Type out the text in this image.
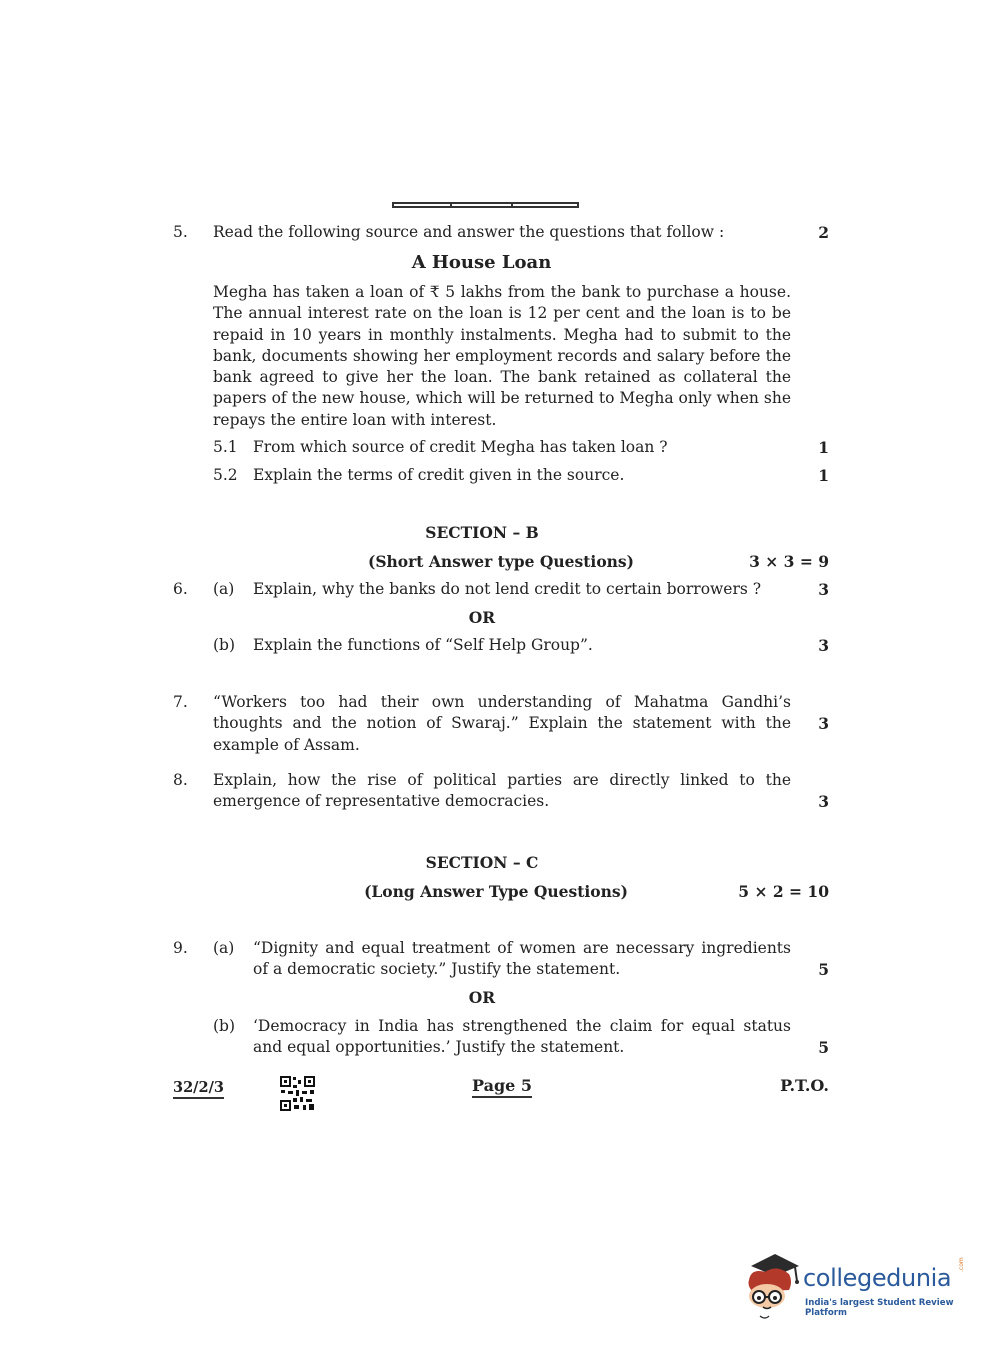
5. Read the following source and answer the questions that follow :	2
A House Loan
Megha has taken a loan of ₹ 5 lakhs from the bank to purchase a house. The annual interest rate on the loan is 12 per cent and the loan is to be repaid in 10 years in monthly instalments. Megha had to submit to the bank, documents showing her employment records and salary before the bank agreed to give her the loan. The bank retained as collateral the papers of the new house, which will be returned to Megha only when she repays the entire loan with interest.
5.1 From which source of credit Megha has taken loan ?	1
5.2 Explain the terms of credit given in the source.	1
SECTION – B
(Short Answer type Questions)	3 × 3 = 9
6. (a) Explain, why the banks do not lend credit to certain borrowers ?	3
OR
(b) Explain the functions of “Self Help Group”.	3
7. “Workers too had their own understanding of Mahatma Gandhi’s thoughts and the notion of Swaraj.” Explain the statement with the example of Assam.
3
8. Explain, how the rise of political parties are directly linked to the emergence of representative democracies.	3
SECTION – C
(Long Answer Type Questions)	5 × 2 = 10
9. (a) “Dignity and equal treatment of women are necessary ingredients of a democratic society.” Justify the statement.	5
OR
(b) ‘Democracy in India has strengthened the claim for equal status and equal opportunities.’ Justify the statement.	5
32/2/3	Page 5	P.T.O.
collegedunia .com
India's largest Student Review Platform
